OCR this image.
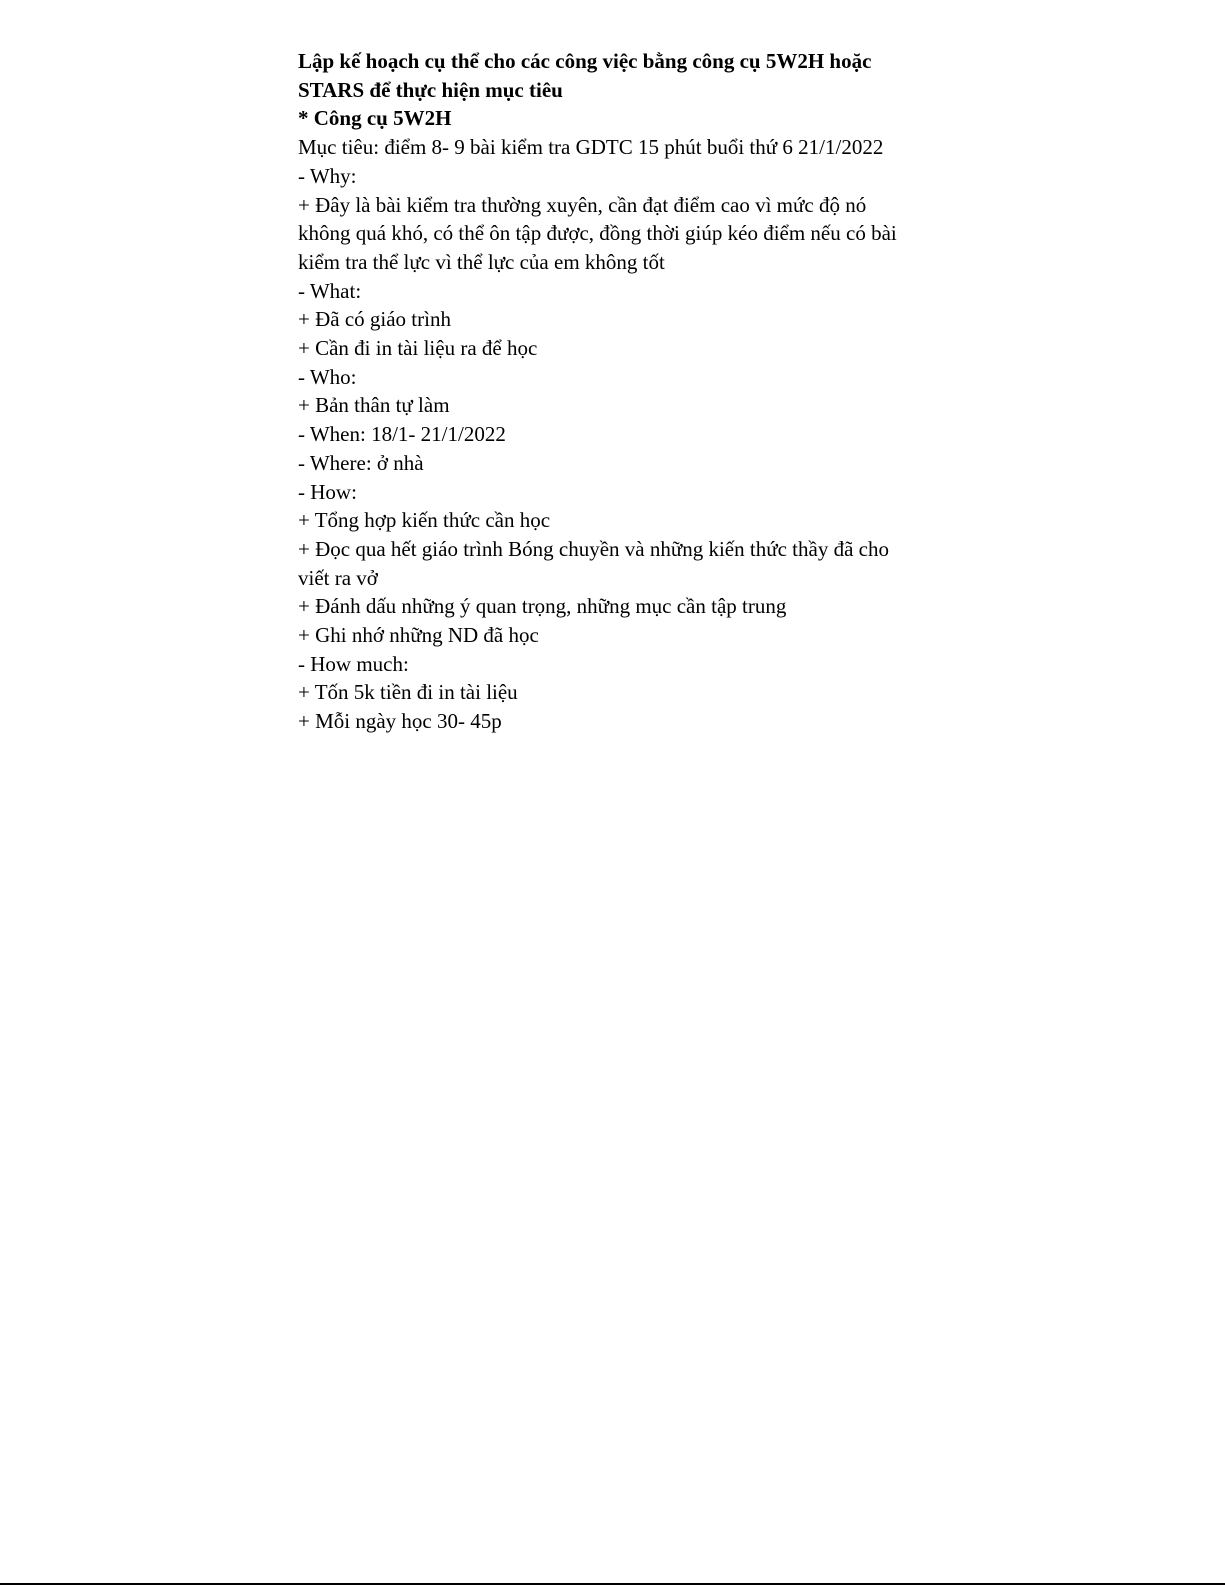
Lập kế hoạch cụ thể cho các công việc bằng công cụ 5W2H hoặc
STARS để thực hiện mục tiêu
* Công cụ 5W2H
Mục tiêu: điểm 8- 9 bài kiểm tra GDTC 15 phút buổi thứ 6 21/1/2022
- Why:
+ Đây là bài kiểm tra thường xuyên, cần đạt điểm cao vì mức độ nó
không quá khó, có thể ôn tập được, đồng thời giúp kéo điểm nếu có bài
kiểm tra thể lực vì thể lực của em không tốt
- What:
+ Đã có giáo trình
+ Cần đi in tài liệu ra để học
- Who:
+ Bản thân tự làm
- When: 18/1- 21/1/2022
- Where: ở nhà
- How:
+ Tổng hợp kiến thức cần học
+ Đọc qua hết giáo trình Bóng chuyền và những kiến thức thầy đã cho
viết ra vở
+ Đánh dấu những ý quan trọng, những mục cần tập trung
+ Ghi nhớ những ND đã học
- How much:
+ Tốn 5k tiền đi in tài liệu
+ Mỗi ngày học 30- 45p
